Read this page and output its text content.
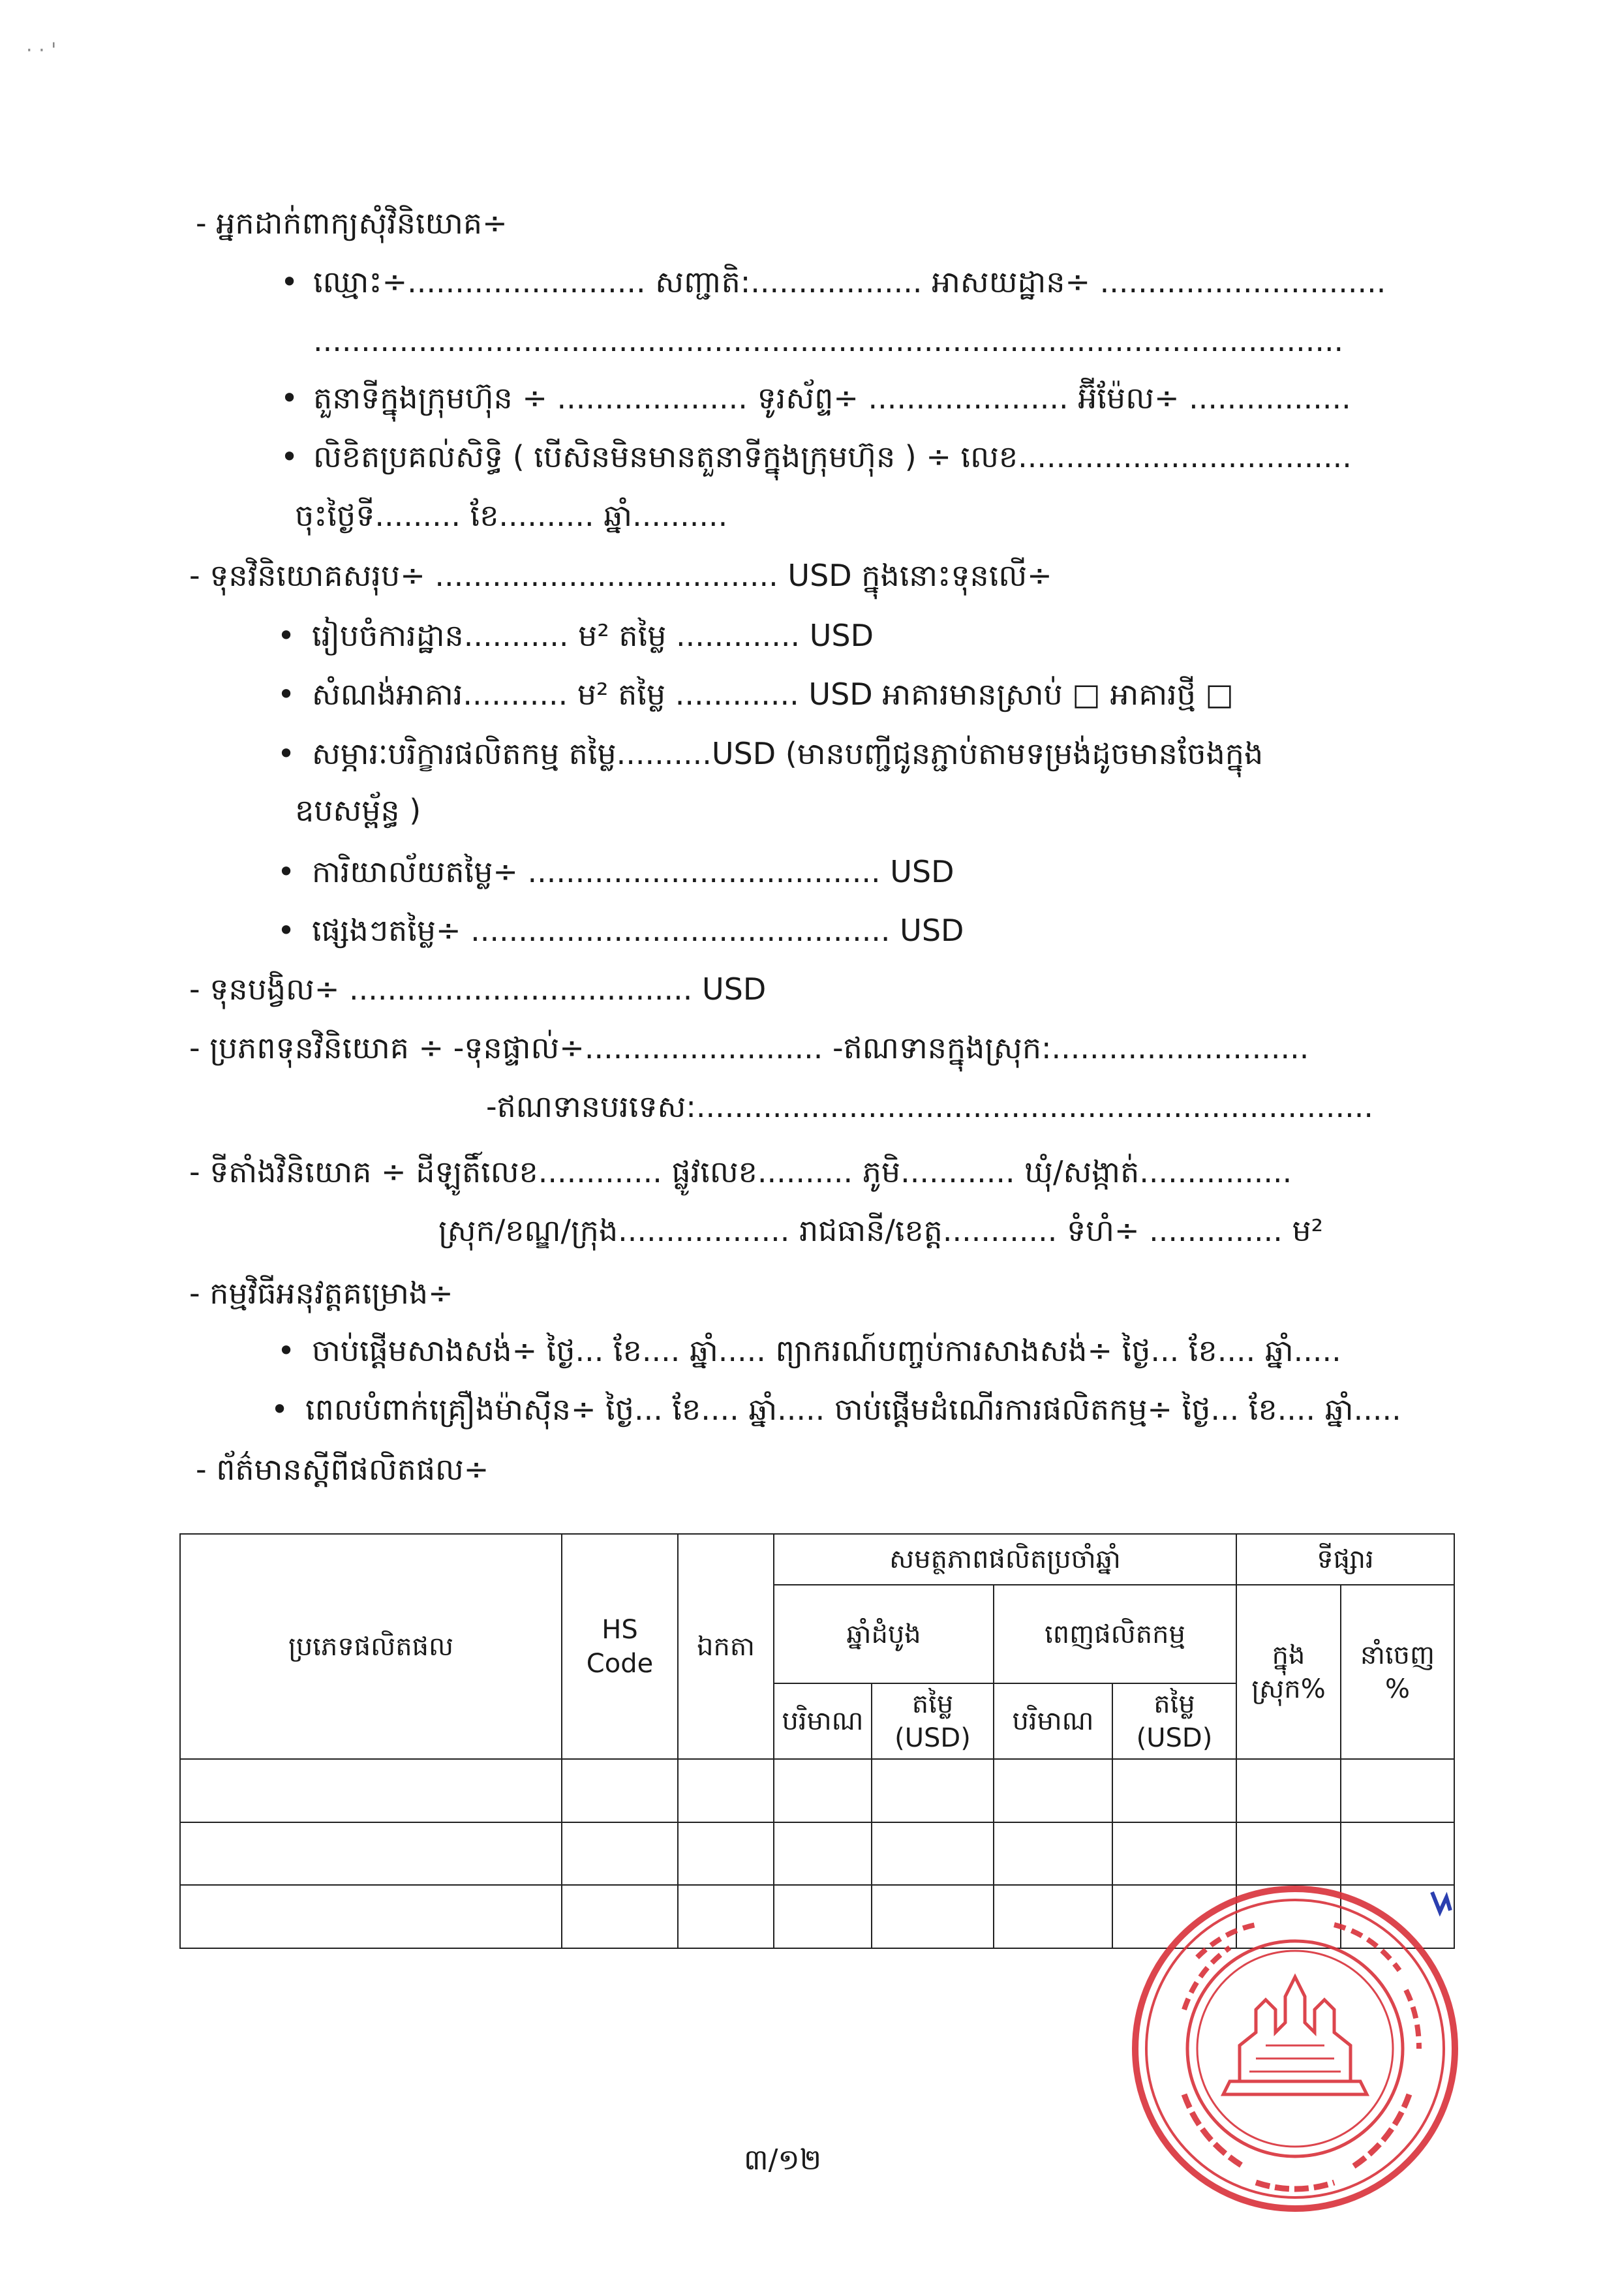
· · '
- អ្នកដាក់ពាក្យសុំវិនិយោគ÷
• ឈ្មោះ÷......................... សញ្ជាតិ:.................. អាសយដ្ឋាន÷ ..............................
............................................................................................................
• តួនាទីក្នុងក្រុមហ៊ុន ÷ .................... ទូរស័ព្ទ÷ ..................... អ៊ីម៉ែល÷ .................
• លិខិតប្រគល់សិទ្ធិ ( បើសិនមិនមានតួនាទីក្នុងក្រុមហ៊ុន ) ÷ លេខ...................................
ចុះថ្ងៃទី......... ខែ.......... ឆ្នាំ..........
- ទុនវិនិយោគសរុប÷ .................................... USD ក្នុងនោះទុនលើ÷
• រៀបចំការដ្ឋាន........... ម² តម្លៃ ............. USD
• សំណង់អាគារ........... ម² តម្លៃ ............. USD អាគារមានស្រាប់ □ អាគារថ្មី □
• សម្ភារៈបរិក្ខារផលិតកម្ម តម្លៃ..........USD (មានបញ្ជីជូនភ្ជាប់តាមទម្រង់ដូចមានចែងក្នុង
ឧបសម្ព័ន្ធ )
• ការិយាល័យតម្លៃ÷ ..................................... USD
• ផ្សេងៗតម្លៃ÷ ............................................ USD
- ទុនបង្វិល÷ .................................... USD
- ប្រភពទុនវិនិយោគ ÷ -ទុនផ្ទាល់÷......................... -ឥណទានក្នុងស្រុក:...........................
-ឥណទានបរទេស:.......................................................................
- ទីតាំងវិនិយោគ ÷ ដីឡូតិ៍លេខ............. ផ្លូវលេខ.......... ភូមិ............ ឃុំ/សង្កាត់................
ស្រុក/ខណ្ឌ/ក្រុង.................. រាជធានី/ខេត្ត............ ទំហំ÷ .............. ម²
- កម្មវិធីអនុវត្តគម្រោង÷
• ចាប់ផ្តើមសាងសង់÷ ថ្ងៃ... ខែ.... ឆ្នាំ..... ព្យាករណ៍បញ្ចប់ការសាងសង់÷ ថ្ងៃ... ខែ.... ឆ្នាំ.....
• ពេលបំពាក់គ្រឿងម៉ាស៊ីន÷ ថ្ងៃ... ខែ.... ឆ្នាំ..... ចាប់ផ្តើមដំណើរការផលិតកម្ម÷ ថ្ងៃ... ខែ.... ឆ្នាំ.....
- ព័ត៌មានស្តីពីផលិតផល÷
ប្រភេទផលិតផល	HS Code	ឯកតា	សមត្ថភាពផលិតប្រចាំឆ្នាំ				ទីផ្សារ	
			ឆ្នាំដំបូង		ពេញផលិតកម្ម		ក្នុងស្រុក%	នាំចេញ %
			បរិមាណ	តម្លៃ (USD)	បរិមាណ	តម្លៃ (USD)		

៣/១២
